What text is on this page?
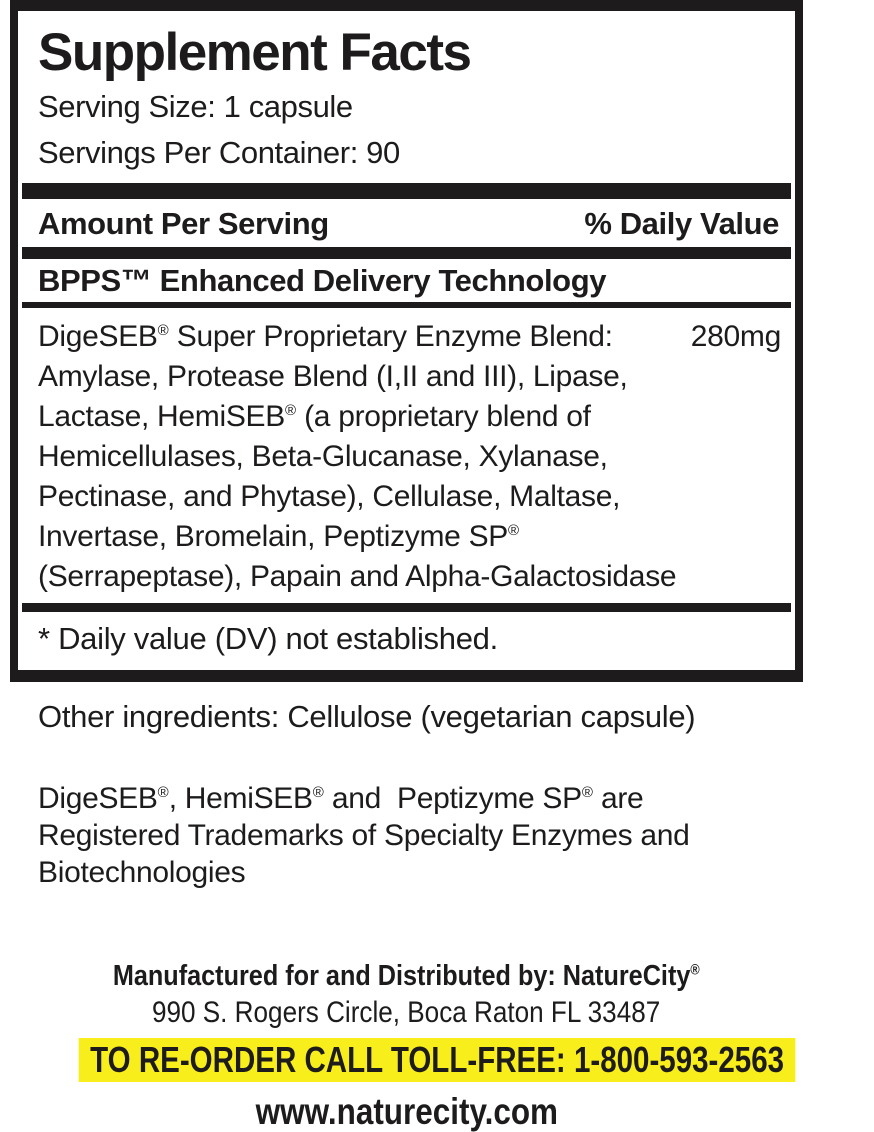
Supplement Facts
Serving Size: 1 capsule
Servings Per Container: 90
Amount Per Serving	% Daily Value
BPPS™ Enhanced Delivery Technology
DigeSEB® Super Proprietary Enzyme Blend:	280mg
Amylase, Protease Blend (I,II and III), Lipase,
Lactase, HemiSEB® (a proprietary blend of
Hemicellulases, Beta-Glucanase, Xylanase,
Pectinase, and Phytase), Cellulase, Maltase,
Invertase, Bromelain, Peptizyme SP®
(Serrapeptase), Papain and Alpha-Galactosidase
* Daily value (DV) not established.
Other ingredients: Cellulose (vegetarian capsule)
DigeSEB®, HemiSEB® and  Peptizyme SP® are
Registered Trademarks of Specialty Enzymes and
Biotechnologies
Manufactured for and Distributed by: NatureCity®
990 S. Rogers Circle, Boca Raton FL 33487
TO RE-ORDER CALL TOLL-FREE: 1-800-593-2563
www.naturecity.com
